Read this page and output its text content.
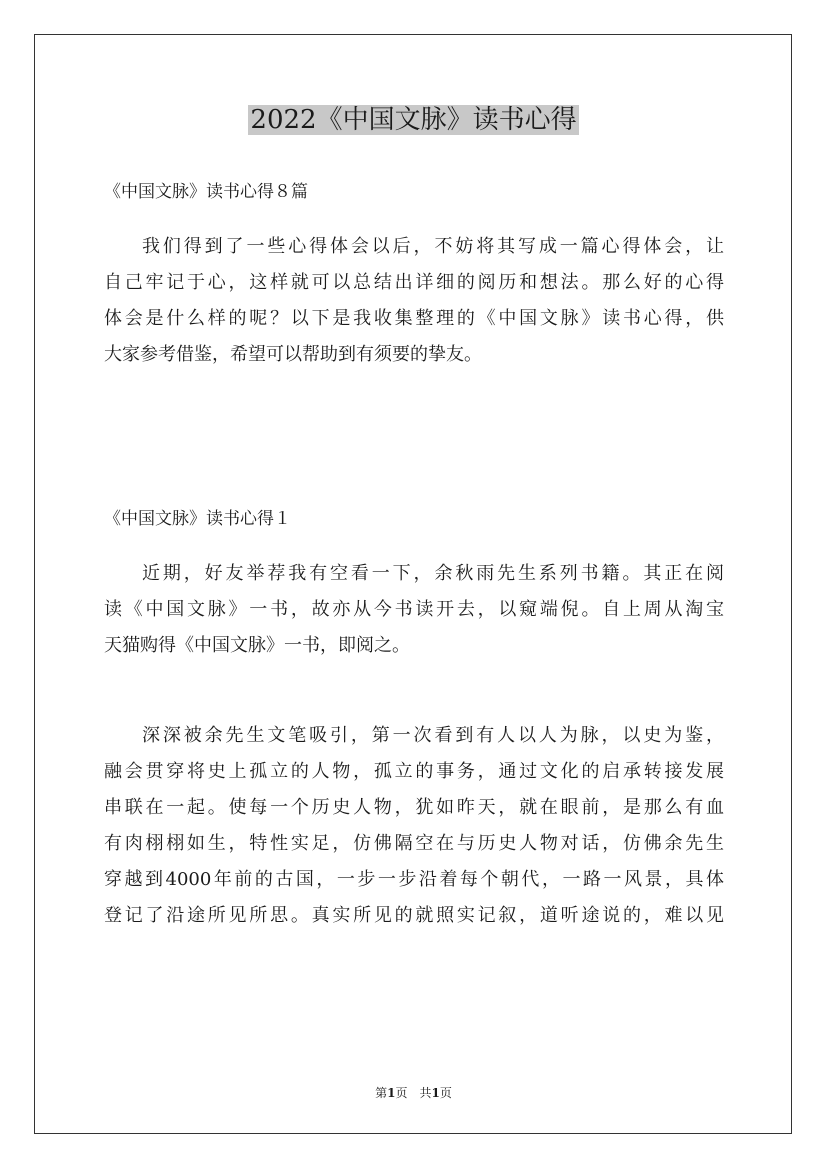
2022《中国文脉》读书心得
《中国文脉》读书心得８篇
我们得到了一些心得体会以后，不妨将其写成一篇心得体会，让
自己牢记于心，这样就可以总结出详细的阅历和想法。那么好的心得
体会是什么样的呢？以下是我收集整理的《中国文脉》读书心得，供
大家参考借鉴，希望可以帮助到有须要的挚友。
《中国文脉》读书心得１
近期，好友举荐我有空看一下，余秋雨先生系列书籍。其正在阅
读《中国文脉》一书，故亦从今书读开去，以窥端倪。自上周从淘宝
天猫购得《中国文脉》一书，即阅之。
深深被余先生文笔吸引，第一次看到有人以人为脉，以史为鉴，
融会贯穿将史上孤立的人物，孤立的事务，通过文化的启承转接发展
串联在一起。使每一个历史人物，犹如昨天，就在眼前，是那么有血
有肉栩栩如生，特性实足，仿佛隔空在与历史人物对话，仿佛余先生
穿越到4000年前的古国，一步一步沿着每个朝代，一路一风景，具体
登记了沿途所见所思。真实所见的就照实记叙，道听途说的，难以见
第1页　共1页
